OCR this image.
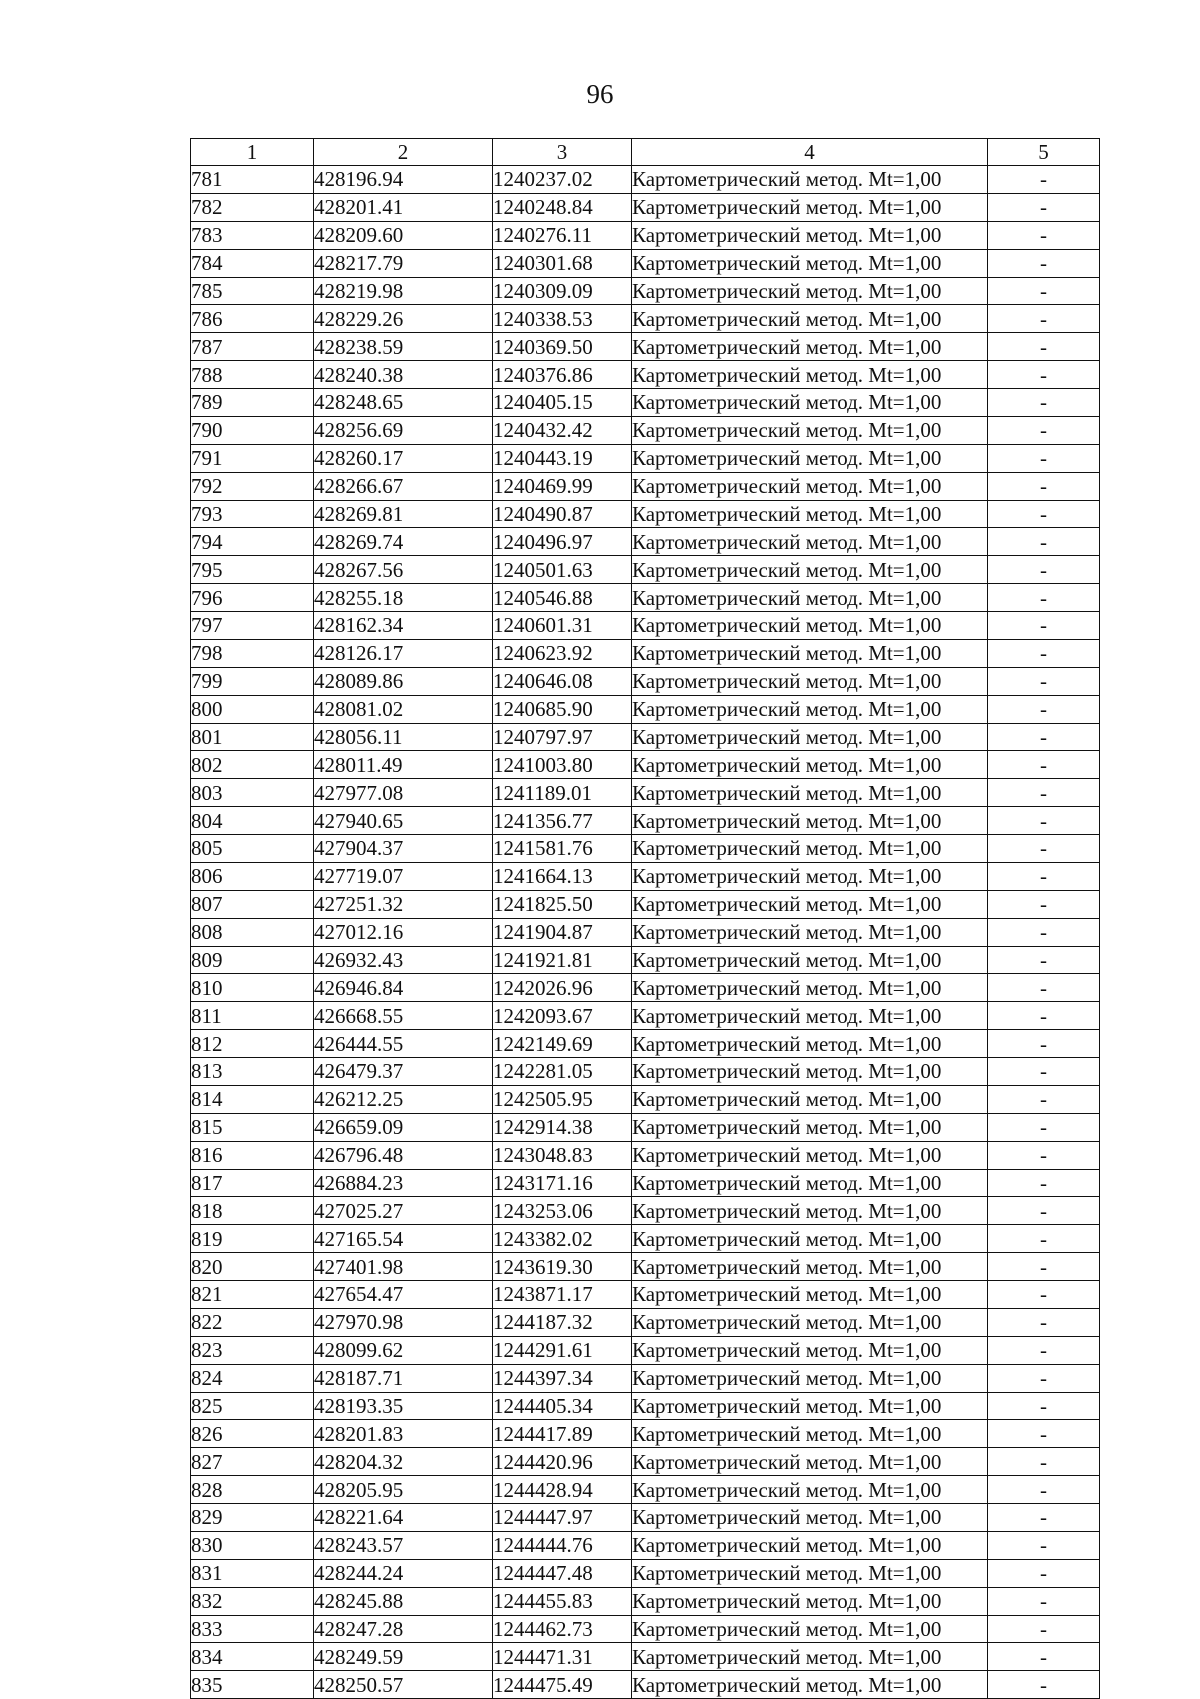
96
1	2	3	4	5
781	428196.94	1240237.02	Картометрический метод. Mt=1,00	-
782	428201.41	1240248.84	Картометрический метод. Mt=1,00	-
783	428209.60	1240276.11	Картометрический метод. Mt=1,00	-
784	428217.79	1240301.68	Картометрический метод. Mt=1,00	-
785	428219.98	1240309.09	Картометрический метод. Mt=1,00	-
786	428229.26	1240338.53	Картометрический метод. Mt=1,00	-
787	428238.59	1240369.50	Картометрический метод. Mt=1,00	-
788	428240.38	1240376.86	Картометрический метод. Mt=1,00	-
789	428248.65	1240405.15	Картометрический метод. Mt=1,00	-
790	428256.69	1240432.42	Картометрический метод. Mt=1,00	-
791	428260.17	1240443.19	Картометрический метод. Mt=1,00	-
792	428266.67	1240469.99	Картометрический метод. Mt=1,00	-
793	428269.81	1240490.87	Картометрический метод. Mt=1,00	-
794	428269.74	1240496.97	Картометрический метод. Mt=1,00	-
795	428267.56	1240501.63	Картометрический метод. Mt=1,00	-
796	428255.18	1240546.88	Картометрический метод. Mt=1,00	-
797	428162.34	1240601.31	Картометрический метод. Mt=1,00	-
798	428126.17	1240623.92	Картометрический метод. Mt=1,00	-
799	428089.86	1240646.08	Картометрический метод. Mt=1,00	-
800	428081.02	1240685.90	Картометрический метод. Mt=1,00	-
801	428056.11	1240797.97	Картометрический метод. Mt=1,00	-
802	428011.49	1241003.80	Картометрический метод. Mt=1,00	-
803	427977.08	1241189.01	Картометрический метод. Mt=1,00	-
804	427940.65	1241356.77	Картометрический метод. Mt=1,00	-
805	427904.37	1241581.76	Картометрический метод. Mt=1,00	-
806	427719.07	1241664.13	Картометрический метод. Mt=1,00	-
807	427251.32	1241825.50	Картометрический метод. Mt=1,00	-
808	427012.16	1241904.87	Картометрический метод. Mt=1,00	-
809	426932.43	1241921.81	Картометрический метод. Mt=1,00	-
810	426946.84	1242026.96	Картометрический метод. Mt=1,00	-
811	426668.55	1242093.67	Картометрический метод. Mt=1,00	-
812	426444.55	1242149.69	Картометрический метод. Mt=1,00	-
813	426479.37	1242281.05	Картометрический метод. Mt=1,00	-
814	426212.25	1242505.95	Картометрический метод. Mt=1,00	-
815	426659.09	1242914.38	Картометрический метод. Mt=1,00	-
816	426796.48	1243048.83	Картометрический метод. Mt=1,00	-
817	426884.23	1243171.16	Картометрический метод. Mt=1,00	-
818	427025.27	1243253.06	Картометрический метод. Mt=1,00	-
819	427165.54	1243382.02	Картометрический метод. Mt=1,00	-
820	427401.98	1243619.30	Картометрический метод. Mt=1,00	-
821	427654.47	1243871.17	Картометрический метод. Mt=1,00	-
822	427970.98	1244187.32	Картометрический метод. Mt=1,00	-
823	428099.62	1244291.61	Картометрический метод. Mt=1,00	-
824	428187.71	1244397.34	Картометрический метод. Mt=1,00	-
825	428193.35	1244405.34	Картометрический метод. Mt=1,00	-
826	428201.83	1244417.89	Картометрический метод. Mt=1,00	-
827	428204.32	1244420.96	Картометрический метод. Mt=1,00	-
828	428205.95	1244428.94	Картометрический метод. Mt=1,00	-
829	428221.64	1244447.97	Картометрический метод. Mt=1,00	-
830	428243.57	1244444.76	Картометрический метод. Mt=1,00	-
831	428244.24	1244447.48	Картометрический метод. Mt=1,00	-
832	428245.88	1244455.83	Картометрический метод. Mt=1,00	-
833	428247.28	1244462.73	Картометрический метод. Mt=1,00	-
834	428249.59	1244471.31	Картометрический метод. Mt=1,00	-
835	428250.57	1244475.49	Картометрический метод. Mt=1,00	-
